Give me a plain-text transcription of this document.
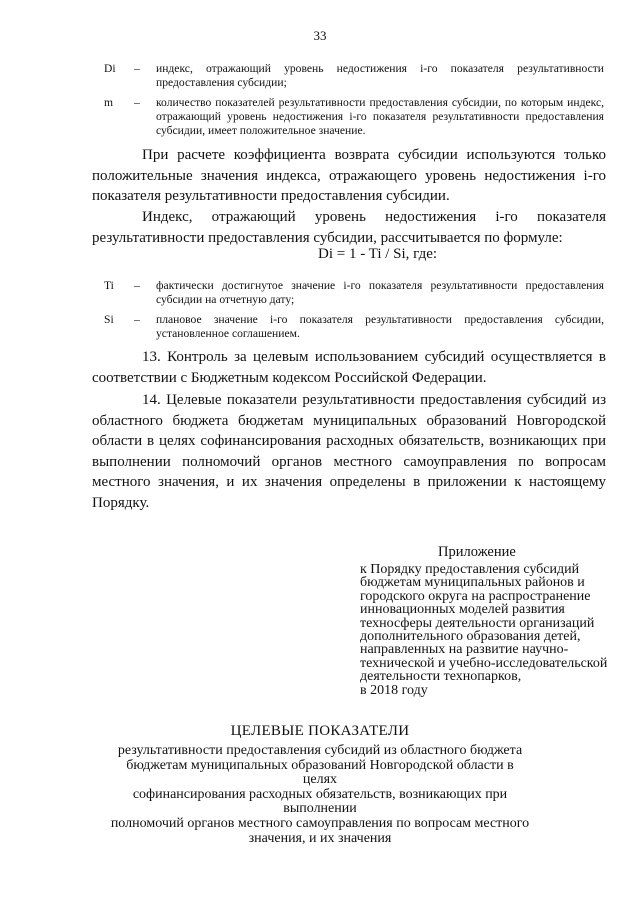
33
Di	– индекс, отражающий уровень недостижения i-го показателя результативности предоставления субсидии;
m	– количество показателей результативности предоставления субсидии, по которым индекс, отражающий уровень недостижения i-го показателя результативности предоставления субсидии, имеет положительное значение.
При расчете коэффициента возврата субсидии используются только положительные значения индекса, отражающего уровень недостижения i-го показателя результативности предоставления субсидии.
Индекс, отражающий уровень недостижения i-го показателя результативности предоставления субсидии, рассчитывается по формуле:
Di = 1 - Ti / Si, где:
Ti	– фактически достигнутое значение i-го показателя результативности предоставления субсидии на отчетную дату;
Si	– плановое значение i-го показателя результативности предоставления субсидии, установленное соглашением.
13. Контроль за целевым использованием субсидий осуществляется в соответствии с Бюджетным кодексом Российской Федерации.
14. Целевые показатели результативности предоставления субсидий из областного бюджета бюджетам муниципальных образований Новгородской области в целях софинансирования расходных обязательств, возникающих при выполнении полномочий органов местного самоуправления по вопросам местного значения, и их значения определены в приложении к настоящему Порядку.
Приложение
к Порядку предоставления субсидий
бюджетам муниципальных районов и
городского округа на распространение
инновационных моделей развития
техносферы деятельности организаций
дополнительного образования детей,
направленных на развитие научно-
технической и учебно-исследовательской
деятельности технопарков,
в 2018 году
ЦЕЛЕВЫЕ ПОКАЗАТЕЛИ
результативности предоставления субсидий из областного бюджета
бюджетам муниципальных образований Новгородской области в целях
софинансирования расходных обязательств, возникающих при выполнении
полномочий органов местного самоуправления по вопросам местного
значения, и их значения
